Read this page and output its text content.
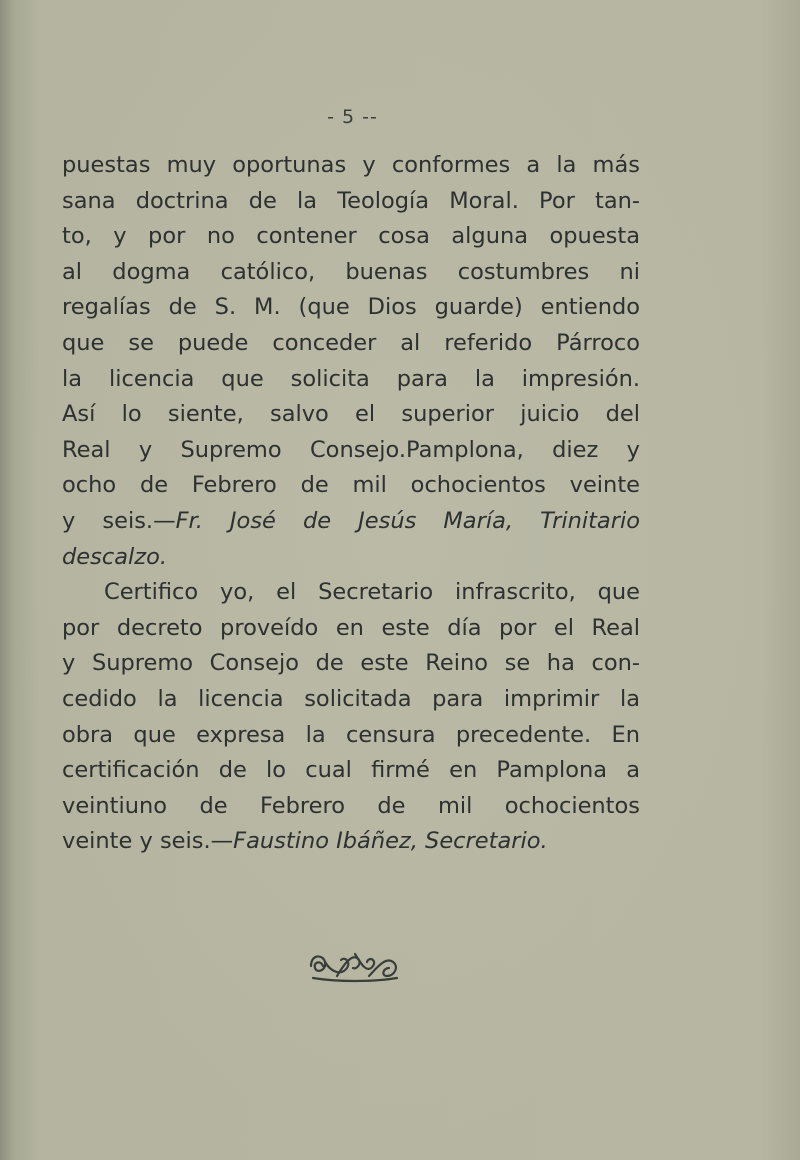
- 5 --
puestas muy oportunas y conformes a la más
sana doctrina de la Teología Moral. Por tan-
to, y por no contener cosa alguna opuesta
al dogma católico, buenas costumbres ni
regalías de S. M. (que Dios guarde) entiendo
que se puede conceder al referido Párroco
la licencia que solicita para la impresión.
Así lo siente, salvo el superior juicio del
Real y Supremo Consejo.Pamplona, diez y
ocho de Febrero de mil ochocientos veinte
y seis.—Fr. José de Jesús María, Trinitario
descalzo.
Certifico yo, el Secretario infrascrito, que
por decreto proveído en este día por el Real
y Supremo Consejo de este Reino se ha con-
cedido la licencia solicitada para imprimir la
obra que expresa la censura precedente. En
certificación de lo cual firmé en Pamplona a
veintiuno de Febrero de mil ochocientos
veinte y seis.—Faustino Ibáñez, Secretario.
